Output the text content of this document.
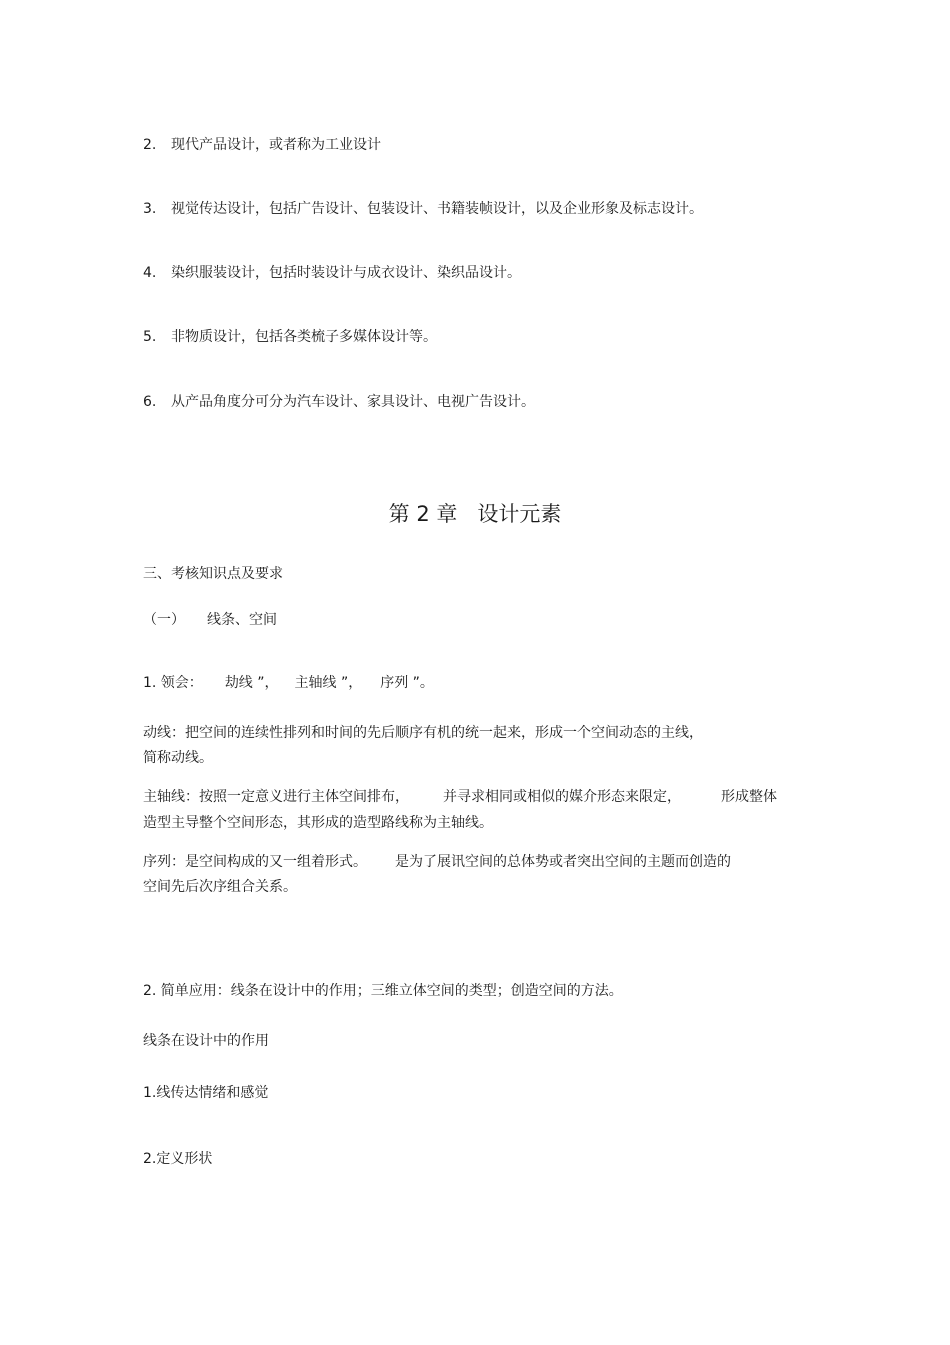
2. 现代产品设计，或者称为工业设计
3. 视觉传达设计，包括广告设计、包装设计、书籍装帧设计，以及企业形象及标志设计。
4. 染织服装设计，包括时装设计与成衣设计、染织品设计。
5. 非物质设计，包括各类梳子多媒体设计等。
6. 从产品角度分可分为汽车设计、家具设计、电视广告设计。
第 2 章 设计元素
三、考核知识点及要求
（一） 线条、空间
1. 领会： 劫线 ”， 主轴线 ”， 序列 ”。
动线：把空间的连续性排列和时间的先后顺序有机的统一起来，形成一个空间动态的主线，
简称动线。
主轴线：按照一定意义进行主体空间排布， 并寻求相同或相似的媒介形态来限定，	形成整体
造型主导整个空间形态，其形成的造型路线称为主轴线。
序列：是空间构成的又一组着形式。 是为了展讯空间的总体势或者突出空间的主题而创造的
空间先后次序组合关系。
2. 简单应用：线条在设计中的作用；三维立体空间的类型；创造空间的方法。
线条在设计中的作用
1.线传达情绪和感觉
2.定义形状
